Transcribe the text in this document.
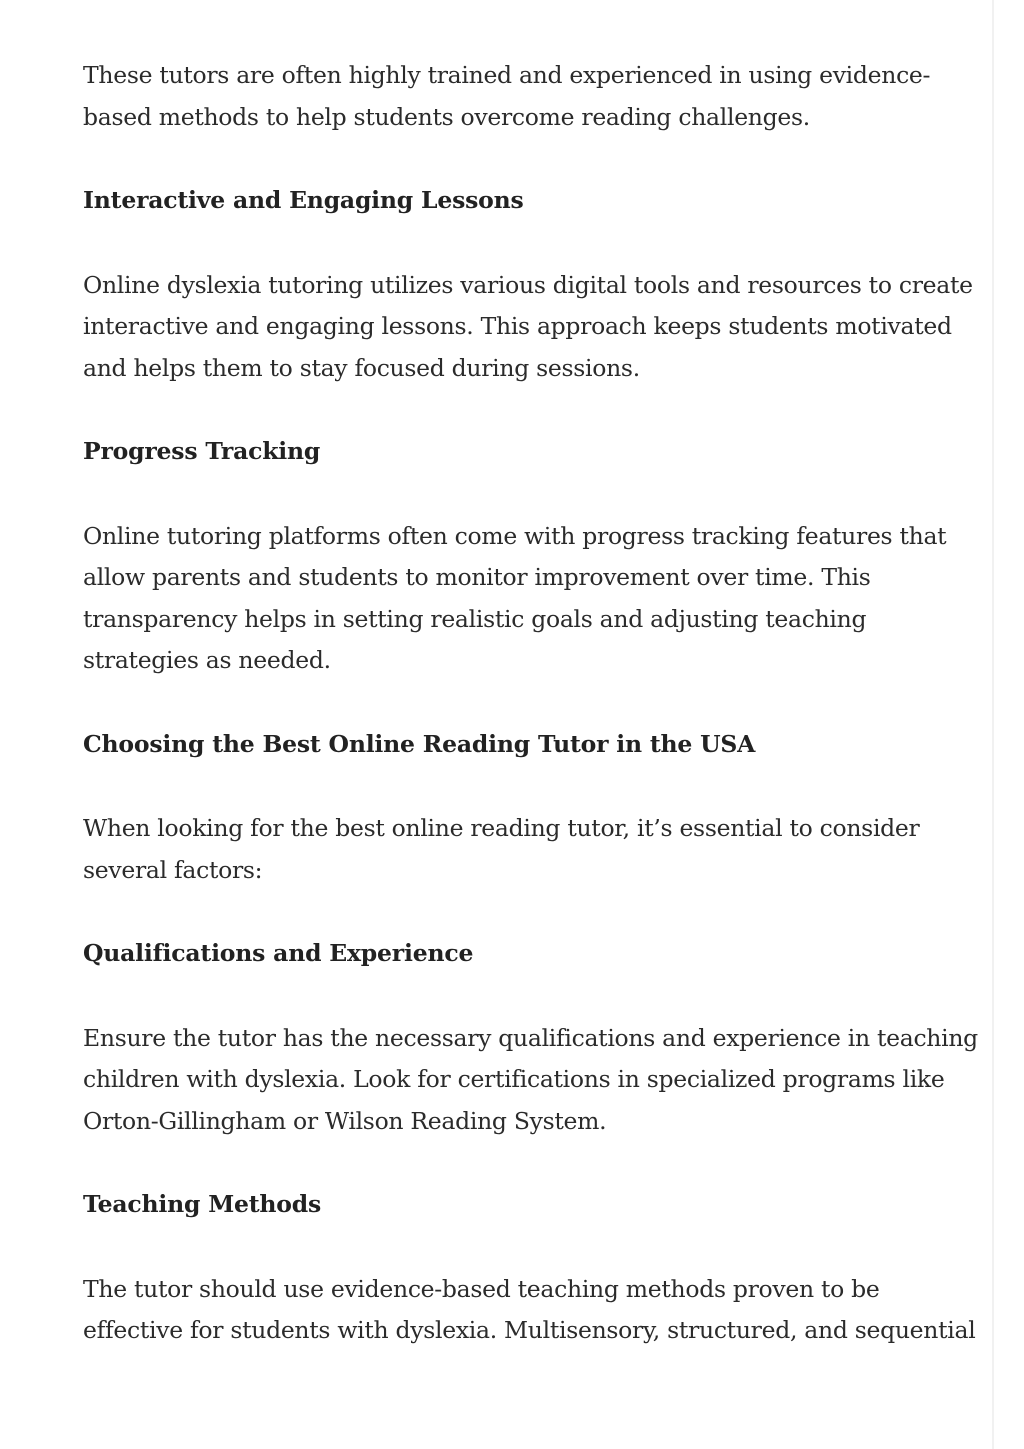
These tutors are often highly trained and experienced in using evidence-based methods to help students overcome reading challenges.

Interactive and Engaging Lessons

Online dyslexia tutoring utilizes various digital tools and resources to create interactive and engaging lessons. This approach keeps students motivated and helps them to stay focused during sessions.

Progress Tracking

Online tutoring platforms often come with progress tracking features that allow parents and students to monitor improvement over time. This transparency helps in setting realistic goals and adjusting teaching strategies as needed.

Choosing the Best Online Reading Tutor in the USA

When looking for the best online reading tutor, it’s essential to consider several factors:

Qualifications and Experience

Ensure the tutor has the necessary qualifications and experience in teaching children with dyslexia. Look for certifications in specialized programs like Orton-Gillingham or Wilson Reading System.

Teaching Methods

The tutor should use evidence-based teaching methods proven to be effective for students with dyslexia. Multisensory, structured, and sequential
